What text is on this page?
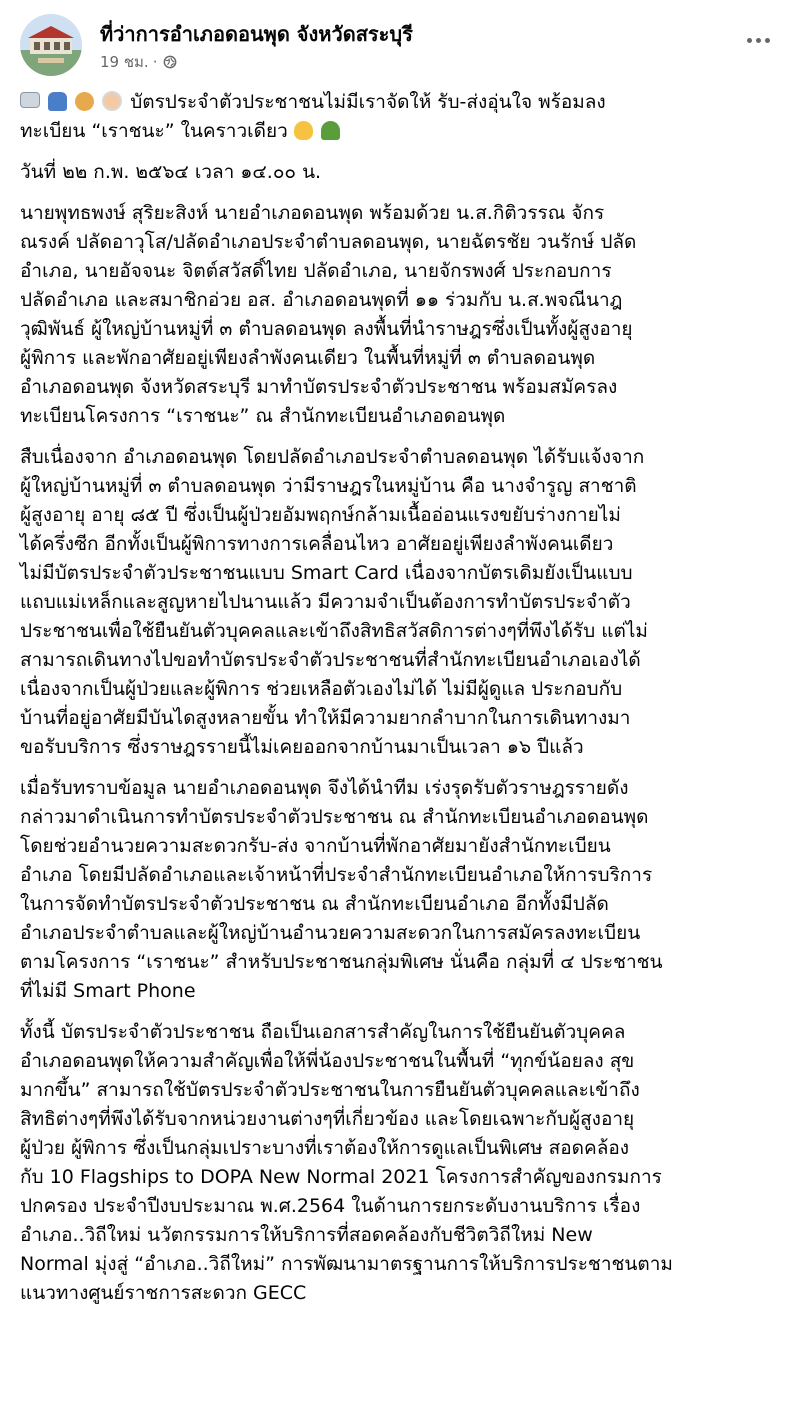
ที่ว่าการอำเภอดอนพุด จังหวัดสระบุรี
19 ชม. ·
บัตรประจำตัวประชาชนไม่มีเราจัดให้ รับ-ส่งอุ่นใจ พร้อมลง
ทะเบียน “เราชนะ” ในคราวเดียว
วันที่ ๒๒ ก.พ. ๒๕๖๔ เวลา ๑๔.๐๐ น.
นายพุทธพงษ์ สุริยะสิงห์ นายอำเภอดอนพุด พร้อมด้วย น.ส.กิติวรรณ จักร
ณรงค์ ปลัดอาวุโส/ปลัดอำเภอประจำตำบลดอนพุด, นายฉัตรชัย วนรักษ์ ปลัด
อำเภอ, นายอัจจนะ จิตต์สวัสดิ์ไทย ปลัดอำเภอ, นายจักรพงศ์ ประกอบการ
ปลัดอำเภอ และสมาชิกอ่วย อส. อำเภอดอนพุดที่ ๑๑ ร่วมกับ น.ส.พจณีนาฎ
วุฒิพันธ์ ผู้ใหญ่บ้านหมู่ที่ ๓ ตำบลดอนพุด ลงพื้นที่นำราษฎรซึ่งเป็นทั้งผู้สูงอายุ
ผู้พิการ และพักอาศัยอยู่เพียงลำพังคนเดียว ในพื้นที่หมู่ที่ ๓ ตำบลดอนพุด
อำเภอดอนพุด จังหวัดสระบุรี มาทำบัตรประจำตัวประชาชน พร้อมสมัครลง
ทะเบียนโครงการ “เราชนะ” ณ สำนักทะเบียนอำเภอดอนพุด
สืบเนื่องจาก อำเภอดอนพุด โดยปลัดอำเภอประจำตำบลดอนพุด ได้รับแจ้งจาก
ผู้ใหญ่บ้านหมู่ที่ ๓ ตำบลดอนพุด ว่ามีราษฎรในหมู่บ้าน คือ นางจำรูญ สาชาติ
ผู้สูงอายุ อายุ ๘๕ ปี ซึ่งเป็นผู้ป่วยอัมพฤกษ์กล้ามเนื้ออ่อนแรงขยับร่างกายไม่
ได้ครึ่งซีก อีกทั้งเป็นผู้พิการทางการเคลื่อนไหว อาศัยอยู่เพียงลำพังคนเดียว
ไม่มีบัตรประจำตัวประชาชนแบบ Smart Card เนื่องจากบัตรเดิมยังเป็นแบบ
แถบแม่เหล็กและสูญหายไปนานแล้ว มีความจำเป็นต้องการทำบัตรประจำตัว
ประชาชนเพื่อใช้ยืนยันตัวบุคคลและเข้าถึงสิทธิสวัสดิการต่างๆที่พึงได้รับ แต่ไม่
สามารถเดินทางไปขอทำบัตรประจำตัวประชาชนที่สำนักทะเบียนอำเภอเองได้
เนื่องจากเป็นผู้ป่วยและผู้พิการ ช่วยเหลือตัวเองไม่ได้ ไม่มีผู้ดูแล ประกอบกับ
บ้านที่อยู่อาศัยมีบันไดสูงหลายขั้น ทำให้มีความยากลำบากในการเดินทางมา
ขอรับบริการ ซึ่งราษฎรรายนี้ไม่เคยออกจากบ้านมาเป็นเวลา ๑๖ ปีแล้ว
เมื่อรับทราบข้อมูล นายอำเภอดอนพุด จึงได้นำทีม เร่งรุดรับตัวราษฎรรายดัง
กล่าวมาดำเนินการทำบัตรประจำตัวประชาชน ณ สำนักทะเบียนอำเภอดอนพุด
โดยช่วยอำนวยความสะดวกรับ-ส่ง จากบ้านที่พักอาศัยมายังสำนักทะเบียน
อำเภอ โดยมีปลัดอำเภอและเจ้าหน้าที่ประจำสำนักทะเบียนอำเภอให้การบริการ
ในการจัดทำบัตรประจำตัวประชาชน ณ สำนักทะเบียนอำเภอ อีกทั้งมีปลัด
อำเภอประจำตำบลและผู้ใหญ่บ้านอำนวยความสะดวกในการสมัครลงทะเบียน
ตามโครงการ “เราชนะ” สำหรับประชาชนกลุ่มพิเศษ นั่นคือ กลุ่มที่ ๔ ประชาชน
ที่ไม่มี Smart Phone
ทั้งนี้ บัตรประจำตัวประชาชน ถือเป็นเอกสารสำคัญในการใช้ยืนยันตัวบุคคล
อำเภอดอนพุดให้ความสำคัญเพื่อให้พี่น้องประชาชนในพื้นที่ “ทุกข์น้อยลง สุข
มากขึ้น” สามารถใช้บัตรประจำตัวประชาชนในการยืนยันตัวบุคคลและเข้าถึง
สิทธิต่างๆที่พึงได้รับจากหน่วยงานต่างๆที่เกี่ยวข้อง และโดยเฉพาะกับผู้สูงอายุ
ผู้ป่วย ผู้พิการ ซึ่งเป็นกลุ่มเปราะบางที่เราต้องให้การดูแลเป็นพิเศษ สอดคล้อง
กับ 10 Flagships to DOPA New Normal 2021 โครงการสำคัญของกรมการ
ปกครอง ประจำปีงบประมาณ พ.ศ.2564 ในด้านการยกระดับงานบริการ เรื่อง
อำเภอ..วิถีใหม่ นวัตกรรมการให้บริการที่สอดคล้องกับชีวิตวิถีใหม่ New
Normal มุ่งสู่ “อำเภอ..วิถีใหม่” การพัฒนามาตรฐานการให้บริการประชาชนตาม
แนวทางศูนย์ราชการสะดวก GECC
